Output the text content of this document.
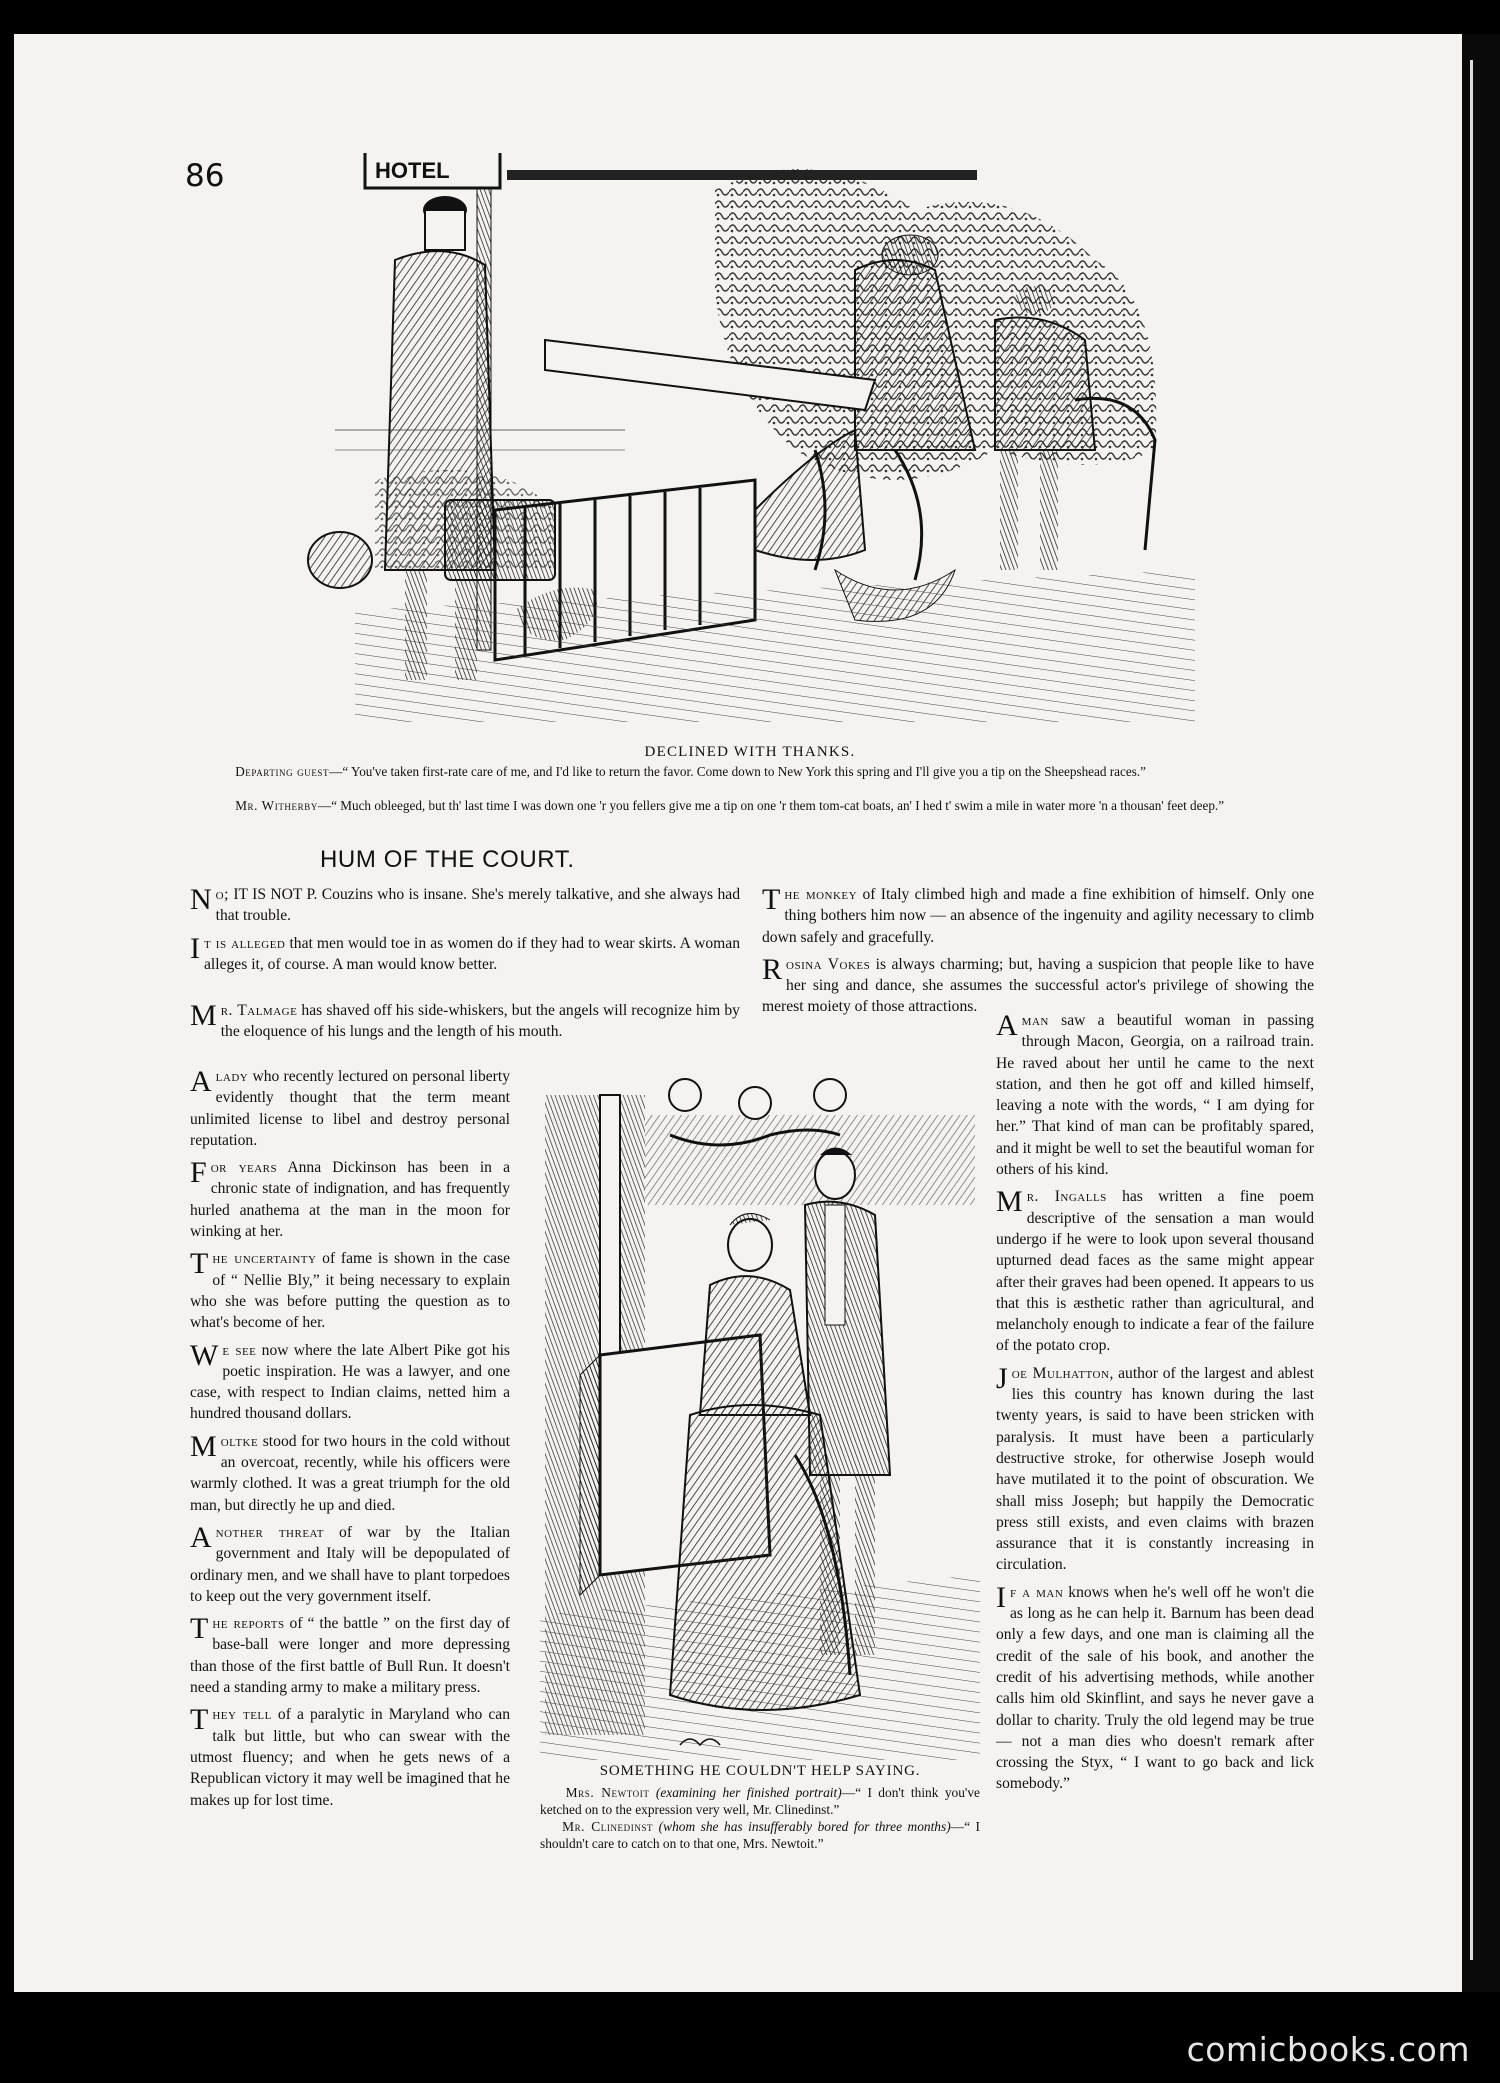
86	HOTEL
DECLINED WITH THANKS.
Departing guest—“ You've taken first-rate care of me, and I'd like to return the favor. Come down to New York this spring and I'll give you a tip on the Sheepshead races.”
Mr. Witherby—“ Much obleeged, but th' last time I was down one 'r you fellers give me a tip on one 'r them tom-cat boats, an' I hed t' swim a mile in water more 'n a thousan' feet deep.”
HUM OF THE COURT.

No; IT IS NOT P. Couzins who is insane. She's merely talkative, and she always had that trouble.

It is alleged that men would toe in as women do if they had to wear skirts. A woman alleges it, of course. A man would know better.

Mr. Talmage has shaved off his side-whiskers, but the angels will recognize him by the eloquence of his lungs and the length of his mouth.

A lady who recently lectured on personal liberty evidently thought that the term meant unlimited license to libel and destroy personal reputation.

For years Anna Dickinson has been in a chronic state of indignation, and has frequently hurled anathema at the man in the moon for winking at her.

The uncertainty of fame is shown in the case of “ Nellie Bly,” it being necessary to explain who she was before putting the question as to what's become of her.

We see now where the late Albert Pike got his poetic inspiration. He was a lawyer, and one case, with respect to Indian claims, netted him a hundred thousand dollars.

Moltke stood for two hours in the cold without an overcoat, recently, while his officers were warmly clothed. It was a great triumph for the old man, but directly he up and died.

Another threat of war by the Italian government and Italy will be depopulated of ordinary men, and we shall have to plant torpedoes to keep out the very government itself.

The reports of “ the battle ” on the first day of base-ball were longer and more depressing than those of the first battle of Bull Run. It doesn't need a standing army to make a military press.

They tell of a paralytic in Maryland who can talk but little, but who can swear with the utmost fluency; and when he gets news of a Republican victory it may well be imagined that he makes up for lost time.

The monkey of Italy climbed high and made a fine exhibition of himself. Only one thing bothers him now — an absence of the ingenuity and agility necessary to climb down safely and gracefully.

Rosina Vokes is always charming; but, having a suspicion that people like to have her sing and dance, she assumes the successful actor's privilege of showing the merest moiety of those attractions.

A man saw a beautiful woman in passing through Macon, Georgia, on a railroad train. He raved about her until he came to the next station, and then he got off and killed himself, leaving a note with the words, “ I am dying for her.” That kind of man can be profitably spared, and it might be well to set the beautiful woman for others of his kind.

Mr. Ingalls has written a fine poem descriptive of the sensation a man would undergo if he were to look upon several thousand upturned dead faces as the same might appear after their graves had been opened. It appears to us that this is æsthetic rather than agricultural, and melancholy enough to indicate a fear of the failure of the potato crop.

Joe Mulhatton, author of the largest and ablest lies this country has known during the last twenty years, is said to have been stricken with paralysis. It must have been a particularly destructive stroke, for otherwise Joseph would have mutilated it to the point of obscuration. We shall miss Joseph; but happily the Democratic press still exists, and even claims with brazen assurance that it is constantly increasing in circulation.

If a man knows when he's well off he won't die as long as he can help it. Barnum has been dead only a few days, and one man is claiming all the credit of the sale of his book, and another the credit of his advertising methods, while another calls him old Skinflint, and says he never gave a dollar to charity. Truly the old legend may be true — not a man dies who doesn't remark after crossing the Styx, “ I want to go back and lick somebody.”

SOMETHING HE COULDN'T HELP SAYING.
Mrs. Newtoit (examining her finished portrait)—“ I don't think you've ketched on to the expression very well, Mr. Clinedinst.”
Mr. Clinedinst (whom she has insufferably bored for three months)—“ I shouldn't care to catch on to that one, Mrs. Newtoit.”
comicbooks.com
